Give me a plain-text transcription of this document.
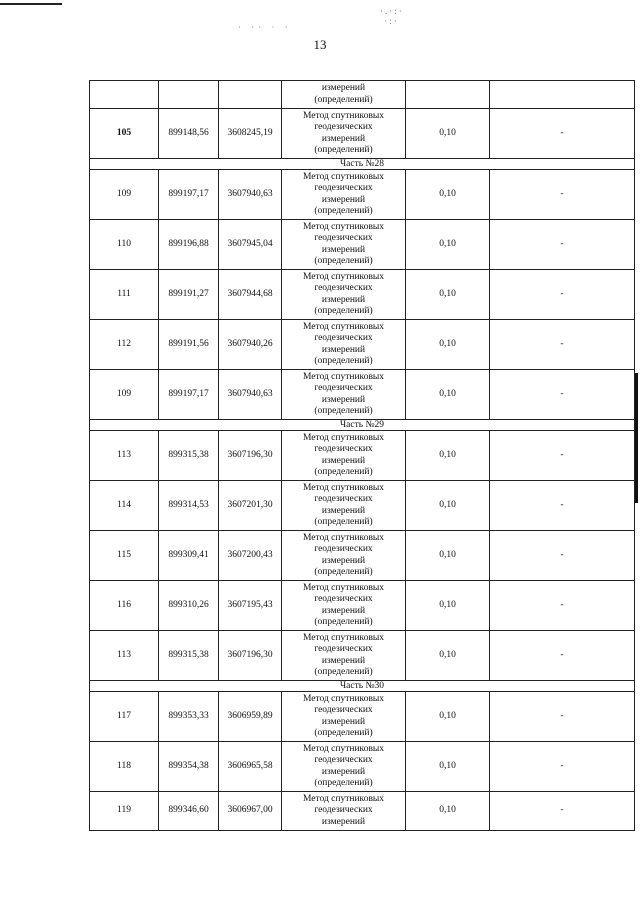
·.·:·
·:·
· ·· · ·
13

			измерений
(определений)		

105	899148,56	3608245,19	Метод спутниковых
геодезических
измерений
(определений)	0,10	-
Часть №28					
109	899197,17	3607940,63	Метод спутниковых
геодезических
измерений
(определений)	0,10	-
110	899196,88	3607945,04	Метод спутниковых
геодезических
измерений
(определений)	0,10	-
111	899191,27	3607944,68	Метод спутниковых
геодезических
измерений
(определений)	0,10	-
112	899191,56	3607940,26	Метод спутниковых
геодезических
измерений
(определений)	0,10	-
109	899197,17	3607940,63	Метод спутниковых
геодезических
измерений
(определений)	0,10	-
Часть №29					
113	899315,38	3607196,30	Метод спутниковых
геодезических
измерений
(определений)	0,10	-
114	899314,53	3607201,30	Метод спутниковых
геодезических
измерений
(определений)	0,10	-
115	899309,41	3607200,43	Метод спутниковых
геодезических
измерений
(определений)	0,10	-
116	899310,26	3607195,43	Метод спутниковых
геодезических
измерений
(определений)	0,10	-
113	899315,38	3607196,30	Метод спутниковых
геодезических
измерений
(определений)	0,10	-
Часть №30					
117	899353,33	3606959,89	Метод спутниковых
геодезических
измерений
(определений)	0,10	-
118	899354,38	3606965,58	Метод спутниковых
геодезических
измерений
(определений)	0,10	-
119	899346,60	3606967,00	Метод спутниковых
геодезических
измерений	0,10	-
